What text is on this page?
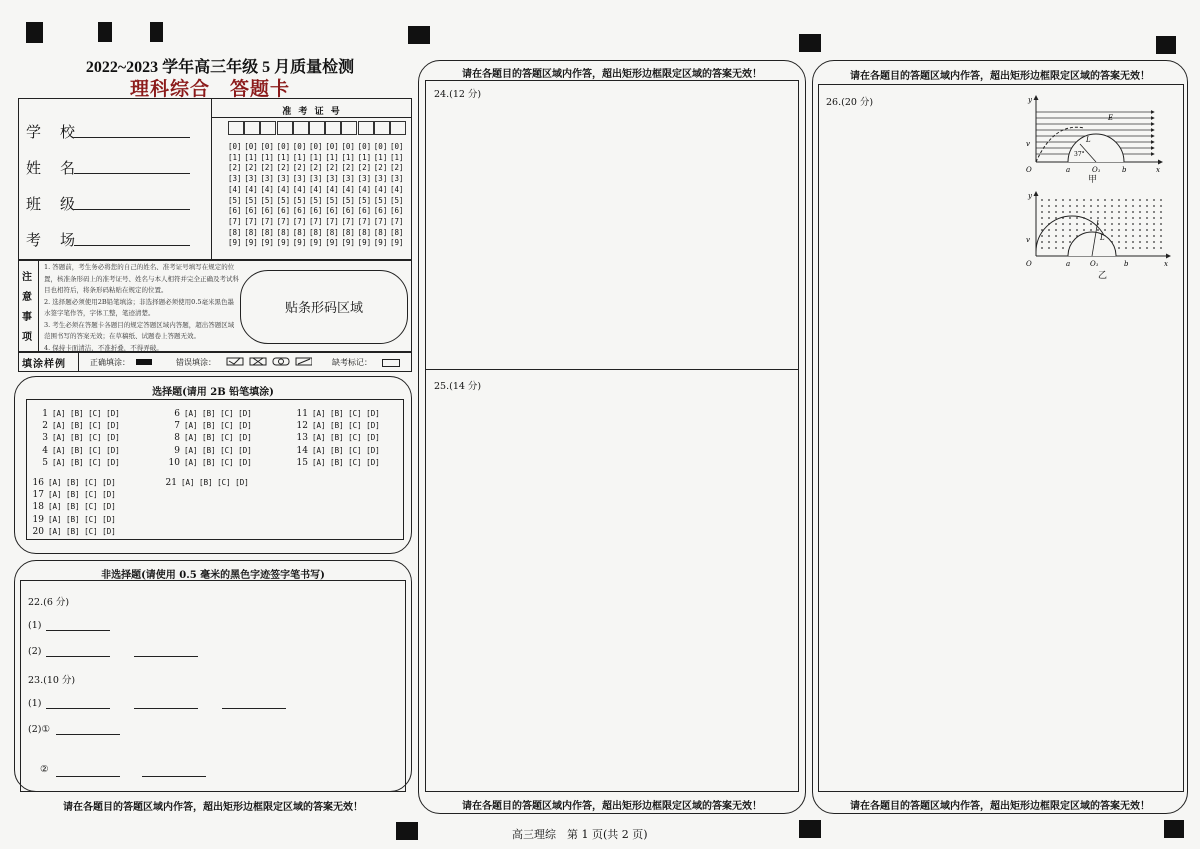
2022~2023 学年高三年级 5 月质量检测
理科综合　答题卡
学　校
姓　名
班　级
考　场
准 考 证 号
[0] [0] [0] [0] [0] [0] [0] [0] [0] [0] [0]
[1] [1] [1] [1] [1] [1] [1] [1] [1] [1] [1]
[2] [2] [2] [2] [2] [2] [2] [2] [2] [2] [2]
[3] [3] [3] [3] [3] [3] [3] [3] [3] [3] [3]
[4] [4] [4] [4] [4] [4] [4] [4] [4] [4] [4]
[5] [5] [5] [5] [5] [5] [5] [5] [5] [5] [5]
[6] [6] [6] [6] [6] [6] [6] [6] [6] [6] [6]
[7] [7] [7] [7] [7] [7] [7] [7] [7] [7] [7]
[8] [8] [8] [8] [8] [8] [8] [8] [8] [8] [8]
[9] [9] [9] [9] [9] [9] [9] [9] [9] [9] [9]
注意事项
1. 答题前，考生务必将您的自己的姓名、准考证号填写在规定的位置，核准条形码上的准考证号、姓名与本人相符并完全正确及考试科目也相符后，将条形码粘贴在规定的位置。
2. 选择题必须使用2B铅笔填涂；非选择题必须使用0.5毫米黑色墨水签字笔作答，字体工整，笔迹清楚。
3. 考生必须在答题卡各题目的规定答题区域内答题，超出答题区域范围书写的答案无效；在草稿纸、试题卷上答题无效。
4. 保持卡面清洁，不准折叠，不得弄破。
贴条形码区域
填涂样例	正确填涂：	错误填涂：	缺考标记：
选择题(请用 2B 铅笔填涂)
1 [A] [B] [C] [D]
2 [A] [B] [C] [D]
3 [A] [B] [C] [D]
4 [A] [B] [C] [D]
5 [A] [B] [C] [D]
6 [A] [B] [C] [D]
7 [A] [B] [C] [D]
8 [A] [B] [C] [D]
9 [A] [B] [C] [D]
10 [A] [B] [C] [D]
11 [A] [B] [C] [D]
12 [A] [B] [C] [D]
13 [A] [B] [C] [D]
14 [A] [B] [C] [D]
15 [A] [B] [C] [D]
16 [A] [B] [C] [D]
17 [A] [B] [C] [D]
18 [A] [B] [C] [D]
19 [A] [B] [C] [D]
20 [A] [B] [C] [D]
21 [A] [B] [C] [D]
非选择题(请使用 0.5 毫米的黑色字迹签字笔书写)
22.(6 分)
(1)
(2)
23.(10 分)
(1)
(2)①
②
请在各题目的答题区域内作答，超出矩形边框限定区域的答案无效！
请在各题目的答题区域内作答，超出矩形边框限定区域的答案无效！
24.(12 分)
25.(14 分)
请在各题目的答题区域内作答，超出矩形边框限定区域的答案无效！
请在各题目的答题区域内作答，超出矩形边框限定区域的答案无效！
26.(20 分)	y
x
O	a	O₁	b
v
E
37°
L
甲
y
x
O	a	O₁	b
v	L
乙
请在各题目的答题区域内作答，超出矩形边框限定区域的答案无效！
高三理综　第 1 页(共 2 页)
